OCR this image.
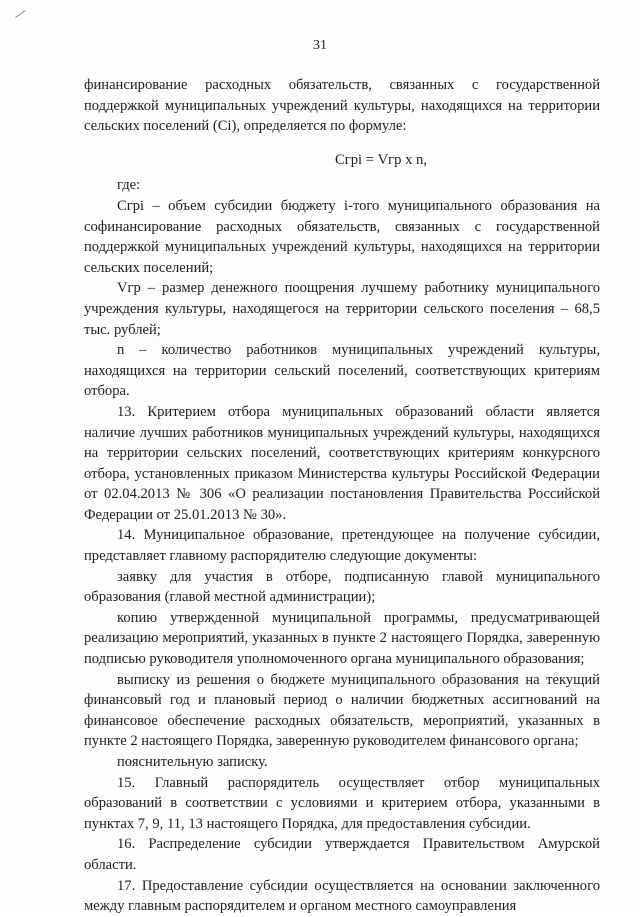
—
31

финансирование расходных обязательств, связанных с государственной поддержкой муниципальных учреждений культуры, находящихся на территории сельских поселений (Сі), определяется по формуле:

Сгрі = Vгр х n,

где:

Сгрі – объем субсидии бюджету і-того муниципального образования на софинансирование расходных обязательств, связанных с государственной поддержкой муниципальных учреждений культуры, находящихся на территории сельских поселений;

Vгр – размер денежного поощрения лучшему работнику муниципального учреждения культуры, находящегося на территории сельского поселения – 68,5 тыс. рублей;

n – количество работников муниципальных учреждений культуры, находящихся на территории сельский поселений, соответствующих критериям отбора.

13. Критерием отбора муниципальных образований области является наличие лучших работников муниципальных учреждений культуры, находящихся на территории сельских поселений, соответствующих критериям конкурсного отбора, установленных приказом Министерства культуры Российской Федерации от 02.04.2013 № 306 «О реализации постановления Правительства Российской Федерации от 25.01.2013 № 30».

14. Муниципальное образование, претендующее на получение субсидии, представляет главному распорядителю следующие документы:

заявку для участия в отборе, подписанную главой муниципального образования (главой местной администрации);

копию утвержденной муниципальной программы, предусматривающей реализацию мероприятий, указанных в пункте 2 настоящего Порядка, заверенную подписью руководителя уполномоченного органа муниципального образования;

выписку из решения о бюджете муниципального образования на текущий финансовый год и плановый период о наличии бюджетных ассигнований на финансовое обеспечение расходных обязательств, мероприятий, указанных в пункте 2 настоящего Порядка, заверенную руководителем финансового органа;

пояснительную записку.

15. Главный распорядитель осуществляет отбор муниципальных образований в соответствии с условиями и критерием отбора, указанными в пунктах 7, 9, 11, 13 настоящего Порядка, для предоставления субсидии.

16. Распределение субсидии утверждается Правительством Амурской области.

17. Предоставление субсидии осуществляется на основании заключенного между главным распорядителем и органом местного самоуправления
